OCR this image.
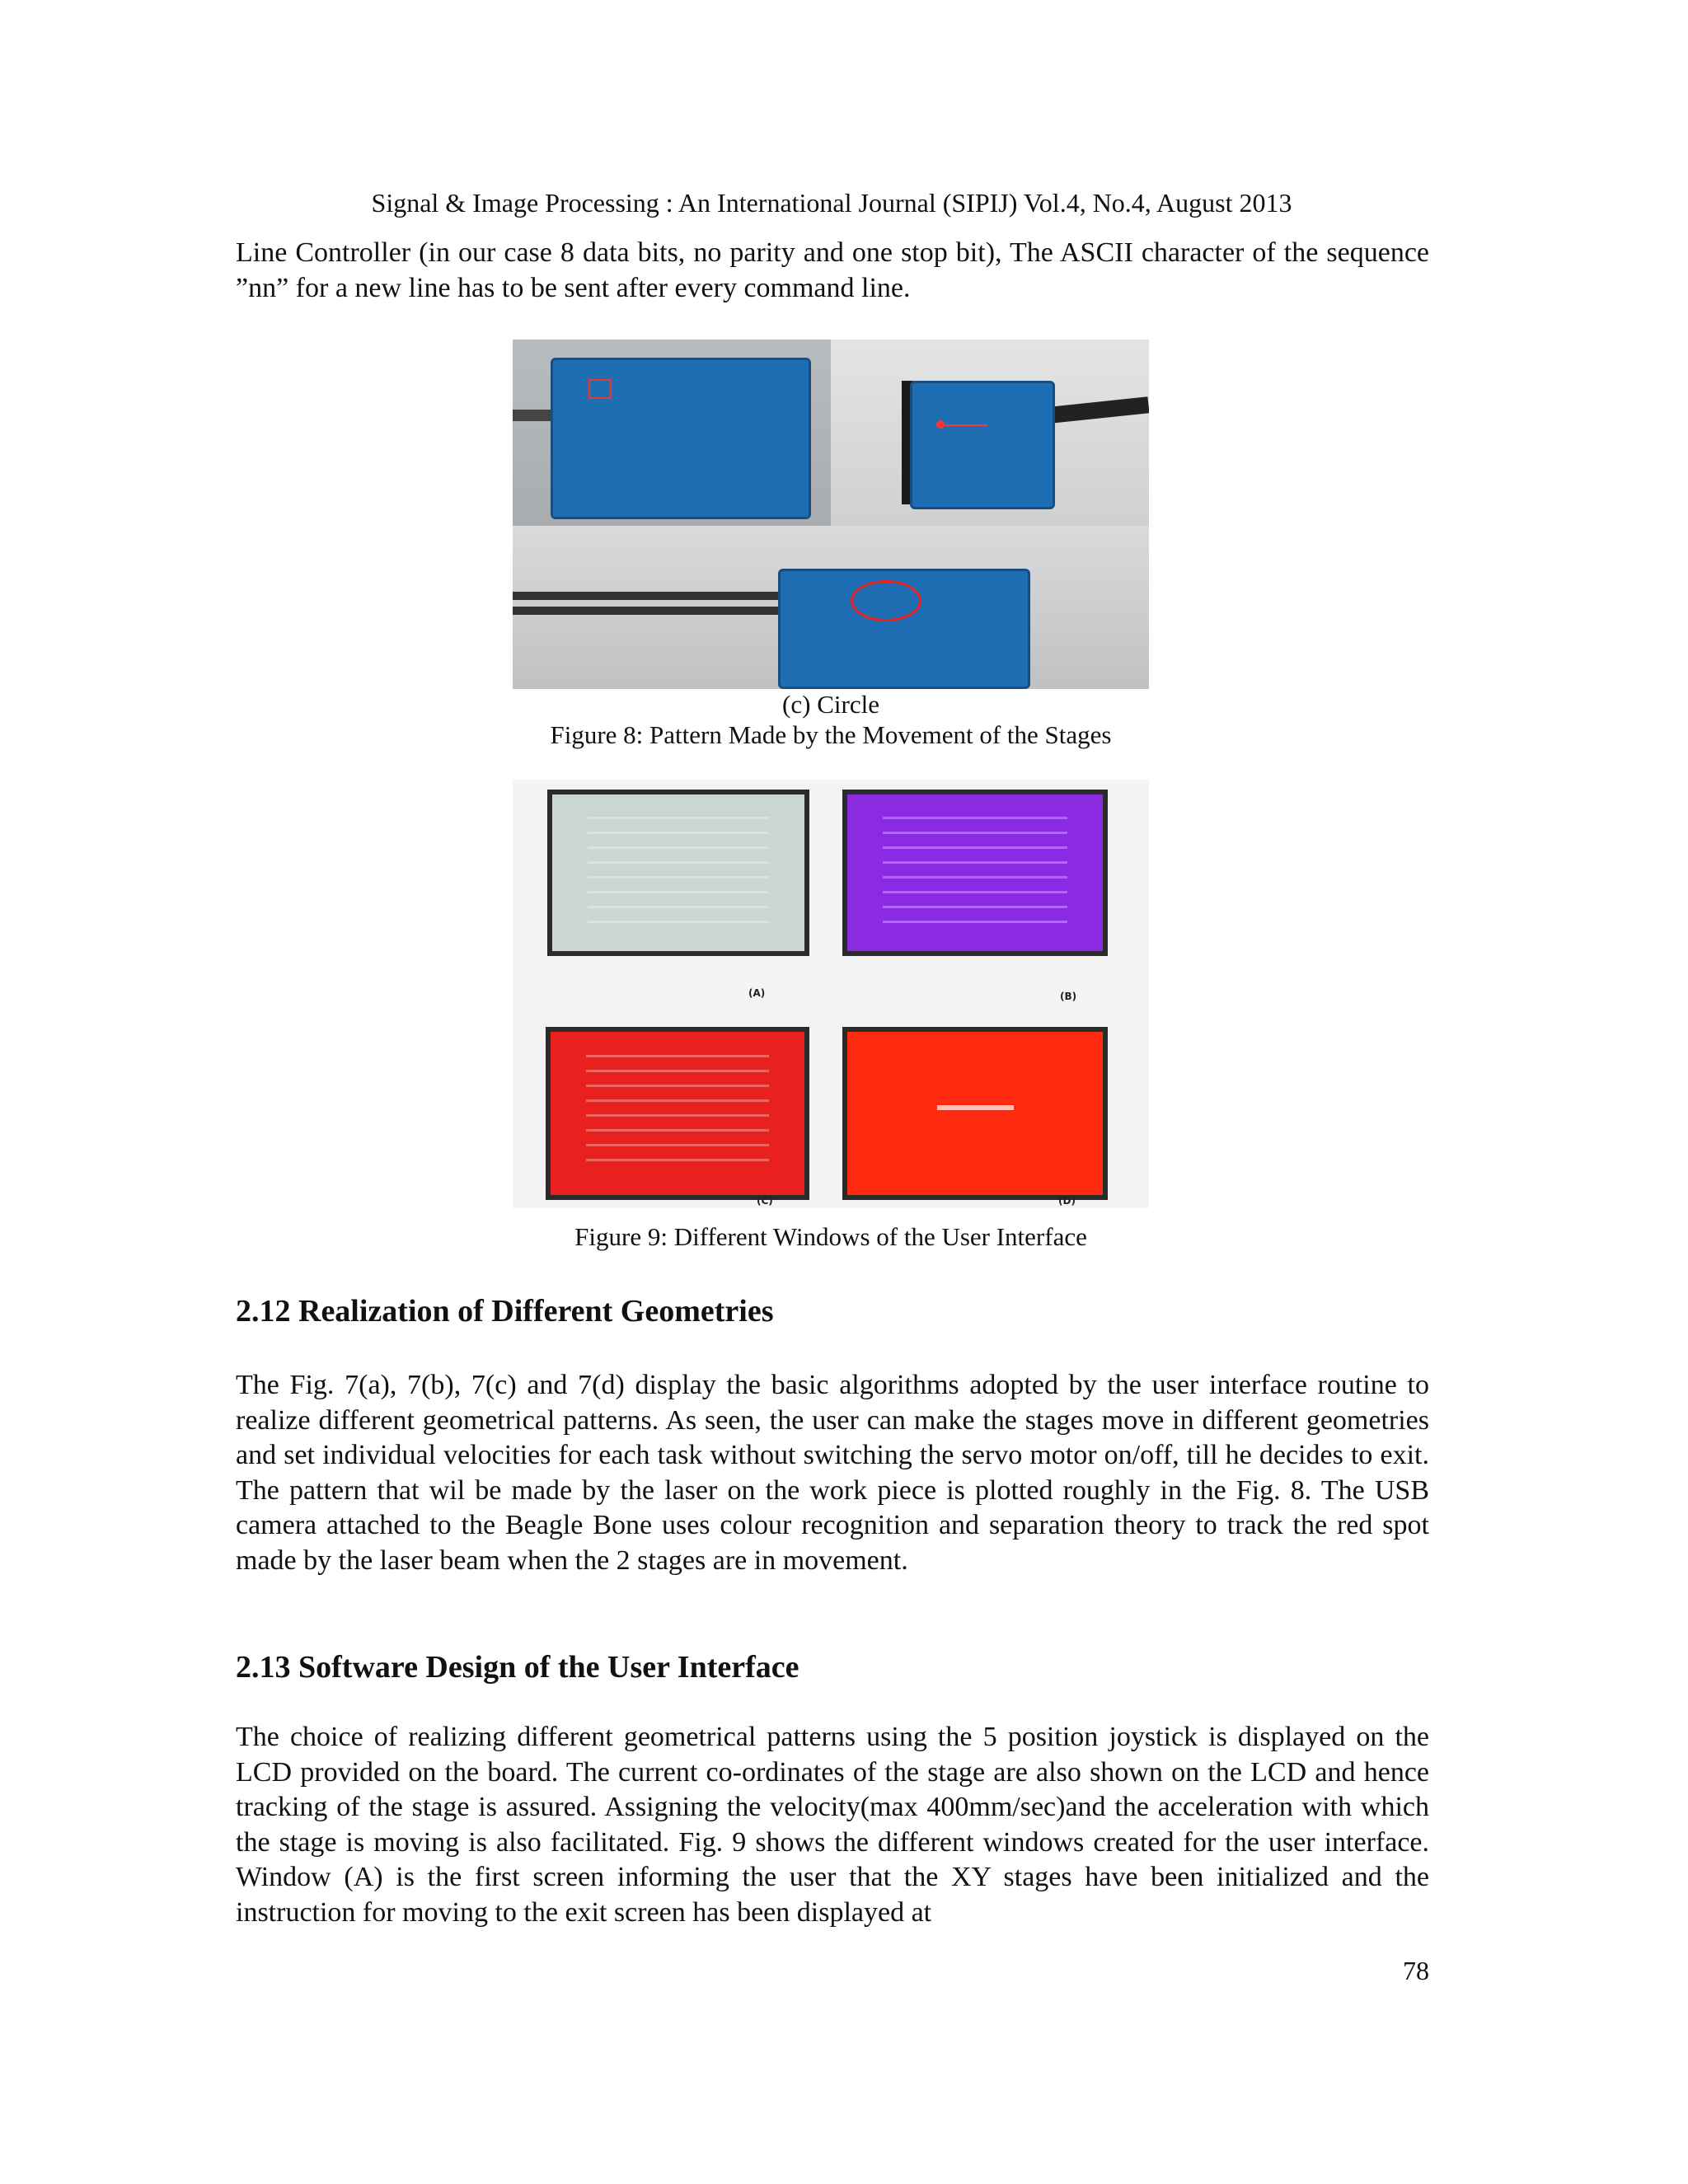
Signal & Image Processing : An International Journal (SIPIJ) Vol.4, No.4, August 2013

Line Controller (in our case 8 data bits, no parity and one stop bit), The ASCII character of the sequence ”nn” for a new line has to be sent after every command line.

(c) Circle
Figure 8: Pattern Made by the Movement of the Stages
(A)	(B)
(C)	(D)
Figure 9: Different Windows of the User Interface
2.12 Realization of Different Geometries

The Fig. 7(a), 7(b), 7(c) and 7(d) display the basic algorithms adopted by the user interface routine to realize different geometrical patterns. As seen, the user can make the stages move in different geometries and set individual velocities for each task without switching the servo motor on/off, till he decides to exit. The pattern that wil be made by the laser on the work piece is plotted roughly in the Fig. 8. The USB camera attached to the Beagle Bone uses colour recognition and separation theory to track the red spot made by the laser beam when the 2 stages are in movement.

2.13 Software Design of the User Interface

The choice of realizing different geometrical patterns using the 5 position joystick is displayed on the LCD provided on the board. The current co-ordinates of the stage are also shown on the LCD and hence tracking of the stage is assured. Assigning the velocity(max 400mm/sec)and the acceleration with which the stage is moving is also facilitated. Fig. 9 shows the different windows created for the user interface. Window (A) is the first screen informing the user that the XY stages have been initialized and the instruction for moving to the exit screen has been displayed at

78
